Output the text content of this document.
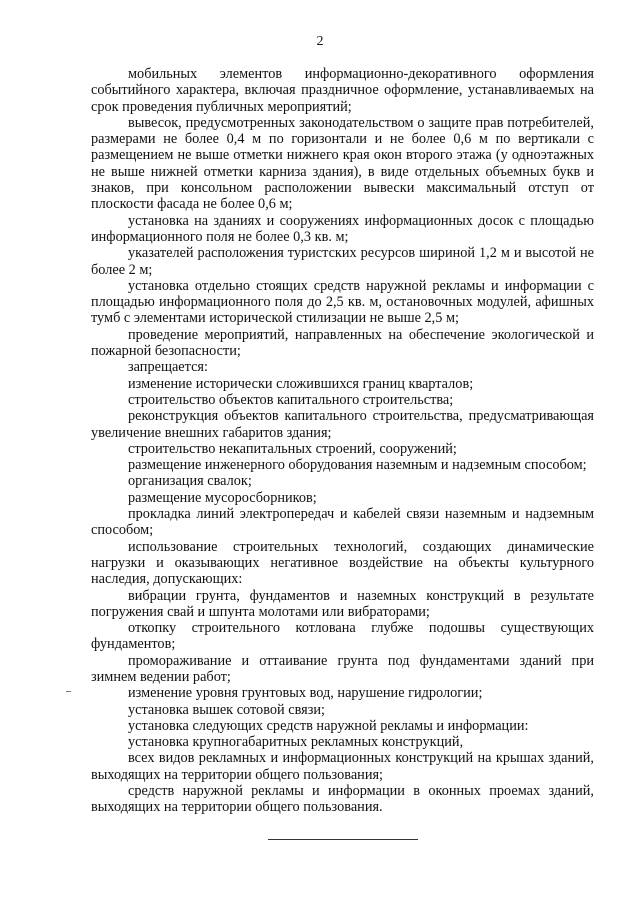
2

мобильных элементов информационно-декоративного оформления событийного характера, включая праздничное оформление, устанавливаемых на срок проведения публичных мероприятий;

вывесок, предусмотренных законодательством о защите прав потребителей, размерами не более 0,4 м по горизонтали и не более 0,6 м по вертикали с размещением не выше отметки нижнего края окон второго этажа (у одноэтажных не выше нижней отметки карниза здания), в виде отдельных объемных букв и знаков, при консольном расположении вывески максимальный отступ от плоскости фасада не более 0,6 м;

установка на зданиях и сооружениях информационных досок с площадью информационного поля не более 0,3 кв. м;

указателей расположения туристских ресурсов шириной 1,2 м и высотой не более 2 м;

установка отдельно стоящих средств наружной рекламы и информации с площадью информационного поля до 2,5 кв. м, остановочных модулей, афишных тумб с элементами исторической стилизации не выше 2,5 м;

проведение мероприятий, направленных на обеспечение экологической и пожарной безопасности;

запрещается:

изменение исторически сложившихся границ кварталов;

строительство объектов капитального строительства;

реконструкция объектов капитального строительства, предусматривающая увеличение внешних габаритов здания;

строительство некапитальных строений, сооружений;

размещение инженерного оборудования наземным и надземным способом;

организация свалок;

размещение мусоросборников;

прокладка линий электропередач и кабелей связи наземным и надземным способом;

использование строительных технологий, создающих динамические нагрузки и оказывающих негативное воздействие на объекты культурного наследия, допускающих:

вибрации грунта, фундаментов и наземных конструкций в результате погружения свай и шпунта молотами или вибраторами;

откопку строительного котлована глубже подошвы существующих фундаментов;

промораживание и оттаивание грунта под фундаментами зданий при зимнем ведении работ;

изменение уровня грунтовых вод, нарушение гидрологии;

установка вышек сотовой связи;

установка следующих средств наружной рекламы и информации:

установка крупногабаритных рекламных конструкций,

всех видов рекламных и информационных конструкций на крышах зданий, выходящих на территории общего пользования;

средств наружной рекламы и информации в оконных проемах зданий, выходящих на территории общего пользования.
